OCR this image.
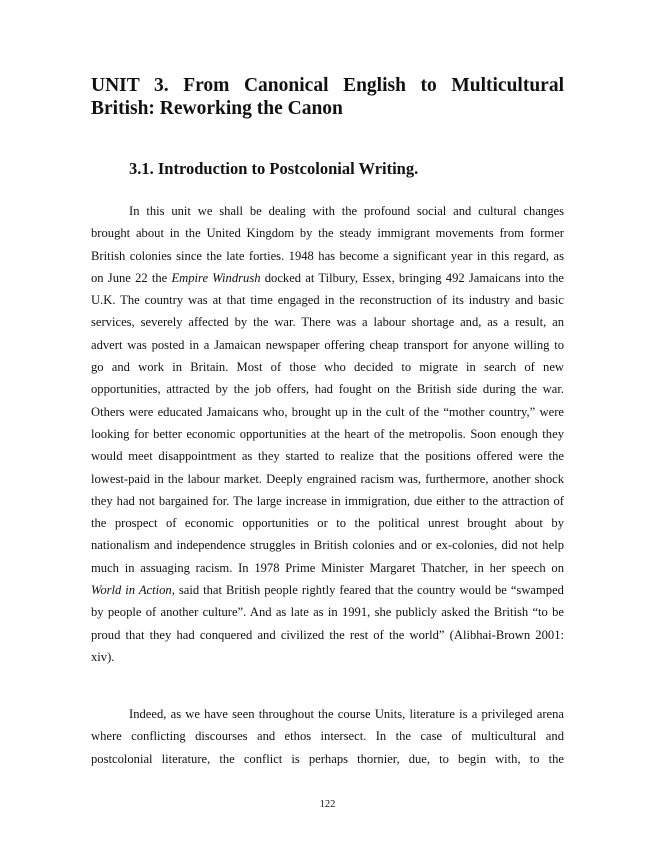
UNIT 3. From Canonical English to Multicultural British: Reworking the Canon
3.1. Introduction to Postcolonial Writing.
In this unit we shall be dealing with the profound social and cultural changes
brought about in the United Kingdom by the steady immigrant movements from former
British colonies since the late forties. 1948 has become a significant year in this regard, as
on June 22 the Empire Windrush docked at Tilbury, Essex, bringing 492 Jamaicans into the
U.K. The country was at that time engaged in the reconstruction of its industry and basic
services, severely affected by the war. There was a labour shortage and, as a result, an
advert was posted in a Jamaican newspaper offering cheap transport for anyone willing to
go and work in Britain. Most of those who decided to migrate in search of new
opportunities, attracted by the job offers, had fought on the British side during the war.
Others were educated Jamaicans who, brought up in the cult of the “mother country,” were
looking for better economic opportunities at the heart of the metropolis. Soon enough they
would meet disappointment as they started to realize that the positions offered were the
lowest-paid in the labour market. Deeply engrained racism was, furthermore, another shock
they had not bargained for. The large increase in immigration, due either to the attraction of
the prospect of economic opportunities or to the political unrest brought about by
nationalism and independence struggles in British colonies and or ex-colonies, did not help
much in assuaging racism. In 1978 Prime Minister Margaret Thatcher, in her speech on
World in Action, said that British people rightly feared that the country would be “swamped
by people of another culture”. And as late as in 1991, she publicly asked the British “to be
proud that they had conquered and civilized the rest of the world” (Alibhai-Brown 2001:
xiv).
Indeed, as we have seen throughout the course Units, literature is a privileged arena
where conflicting discourses and ethos intersect. In the case of multicultural and
postcolonial literature, the conflict is perhaps thornier, due, to begin with, to the
122
